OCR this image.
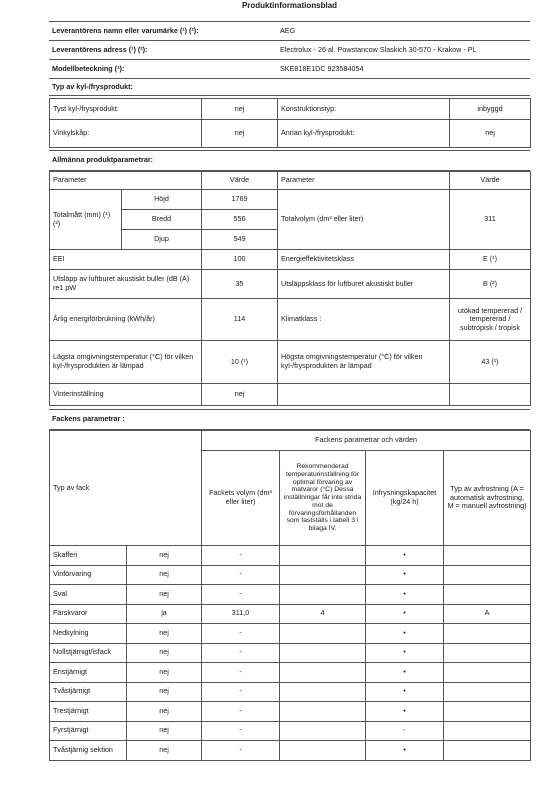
Produktinformationsblad
Leverantörens namn eller varumärke (¹) (²):	AEG
Leverantörens adress (¹) (²):	Electrolux - 26 al. Powstancow Slaskich 30-570 - Krakow - PL
Modellbeteckning (¹):	SKE818E1DC 923584054
Typ av kyl-/frysprodukt:	
Tyst kyl-/frysprodukt:	nej	Konstruktionstyp:	inbyggd
Vinkylskåp:	nej	Annan kyl-/frysprodukt:	nej
Allmänna produktparametrar:
Parameter		Värde	Parameter	Värde
Totalmått (mm) (¹) (²)	Höjd	1769	Totalvolym (dm³ eller liter)	311
	Bredd	556		
	Djup	549		
EEI		100	Energieffektivitetsklass	E (¹)
Utsläpp av luftburet akustiskt buller (dB (A) re1 pW		35	Utsläppsklass för luftburet akustiskt buller	B (²)
Årlig energiförbrukning (kWh/år)		114	Klimatklass :	utökad tempererad / tempererad / subtropisk / tropisk
Lägsta omgivningstemperatur (°C) för vilken kyl-/frysprodukten är lämpad		10 (¹)	Högsta omgivningstemperatur (°C) för vilken kyl-/frysprodukten är lämpad	43 (¹)
Vinterinställning		nej		
Fackens parametrar :
Typ av fack		Fackens parametrar och värden			
		Fackets volym (dm³ eller liter)	Rekommenderad temperaturinställning för optimal förvaring av matvaror (°C) Dessa inställningar får inte strida mot de förvaringsförhållanden som fastställs i tabell 3 i bilaga IV.	Infrysningskapacitet (kg/24 h)	Typ av avfrostning (A = automatisk avfrostning, M = manuell avfrostning)
Skafferi	nej	-		•	
Vinförvaring	nej	-		•	
Sval	nej	-		•	
Färskvaror	ja	311,0	4	•	A
Nedkylning	nej	-		•	
Nollstjärnigt/isfack	nej	-		•	
Enstjärnigt	nej	-		•	
Tvåstjärnigt	nej	-		•	
Trestjärnigt	nej	-		•	
Fyrstjärnigt	nej	-		-	
Tvåstjärnig sektion	nej	-		•	
